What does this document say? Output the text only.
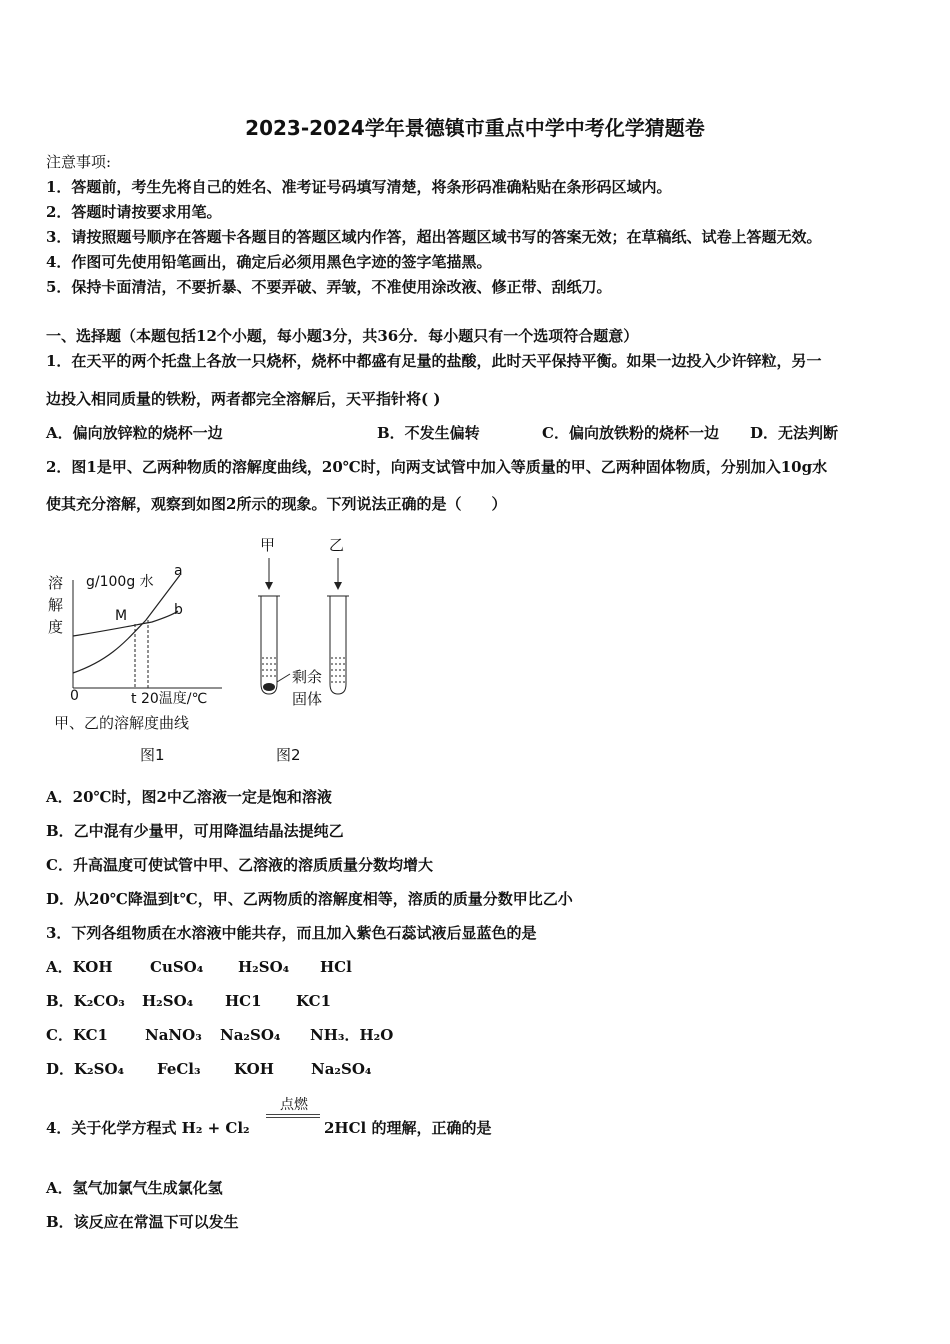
2023-2024学年景德镇市重点中学中考化学猜题卷
注意事项:
1．答题前，考生先将自己的姓名、准考证号码填写清楚，将条形码准确粘贴在条形码区域内。
2．答题时请按要求用笔。
3．请按照题号顺序在答题卡各题目的答题区域内作答，超出答题区域书写的答案无效；在草稿纸、试卷上答题无效。
4．作图可先使用铅笔画出，确定后必须用黑色字迹的签字笔描黑。
5．保持卡面清洁，不要折暴、不要弄破、弄皱，不准使用涂改液、修正带、刮纸刀。
一、选择题（本题包括12个小题，每小题3分，共36分．每小题只有一个选项符合题意）
1．在天平的两个托盘上各放一只烧杯，烧杯中都盛有足量的盐酸，此时天平保持平衡。如果一边投入少许锌粒，另一
边投入相同质量的铁粉，两者都完全溶解后，天平指针将( )
A．偏向放锌粒的烧杯一边	B．不发生偏转	C．偏向放铁粉的烧杯一边 D．无法判断
2．图1是甲、乙两种物质的溶解度曲线，20℃时，向两支试管中加入等质量的甲、乙两种固体物质，分别加入10g水
使其充分溶解，观察到如图2所示的现象。下列说法正确的是（　　）
溶
解
度
g/100g 水
a
b
M
0	t 20温度/℃
甲、乙的溶解度曲线
图1
甲	乙
剩余
固体
图2
A．20℃时，图2中乙溶液一定是饱和溶液
B．乙中混有少量甲，可用降温结晶法提纯乙
C．升高温度可使试管中甲、乙溶液的溶质质量分数均增大
D．从20℃降温到t℃，甲、乙两物质的溶解度相等，溶质的质量分数甲比乙小
3．下列各组物质在水溶液中能共存，而且加入紫色石蕊试液后显蓝色的是
A．KOH CuSO₄ H₂SO₄ HCl
B．K₂CO₃ H₂SO₄ HC1 KC1
C．KC1 NaNO₃ Na₂SO₄ NH₃．H₂O
D．K₂SO₄ FeCl₃ KOH Na₂SO₄
4．关于化学方程式 H₂ + Cl₂
点燃
2HCl 的理解，正确的是
A．氢气加氯气生成氯化氢
B．该反应在常温下可以发生
